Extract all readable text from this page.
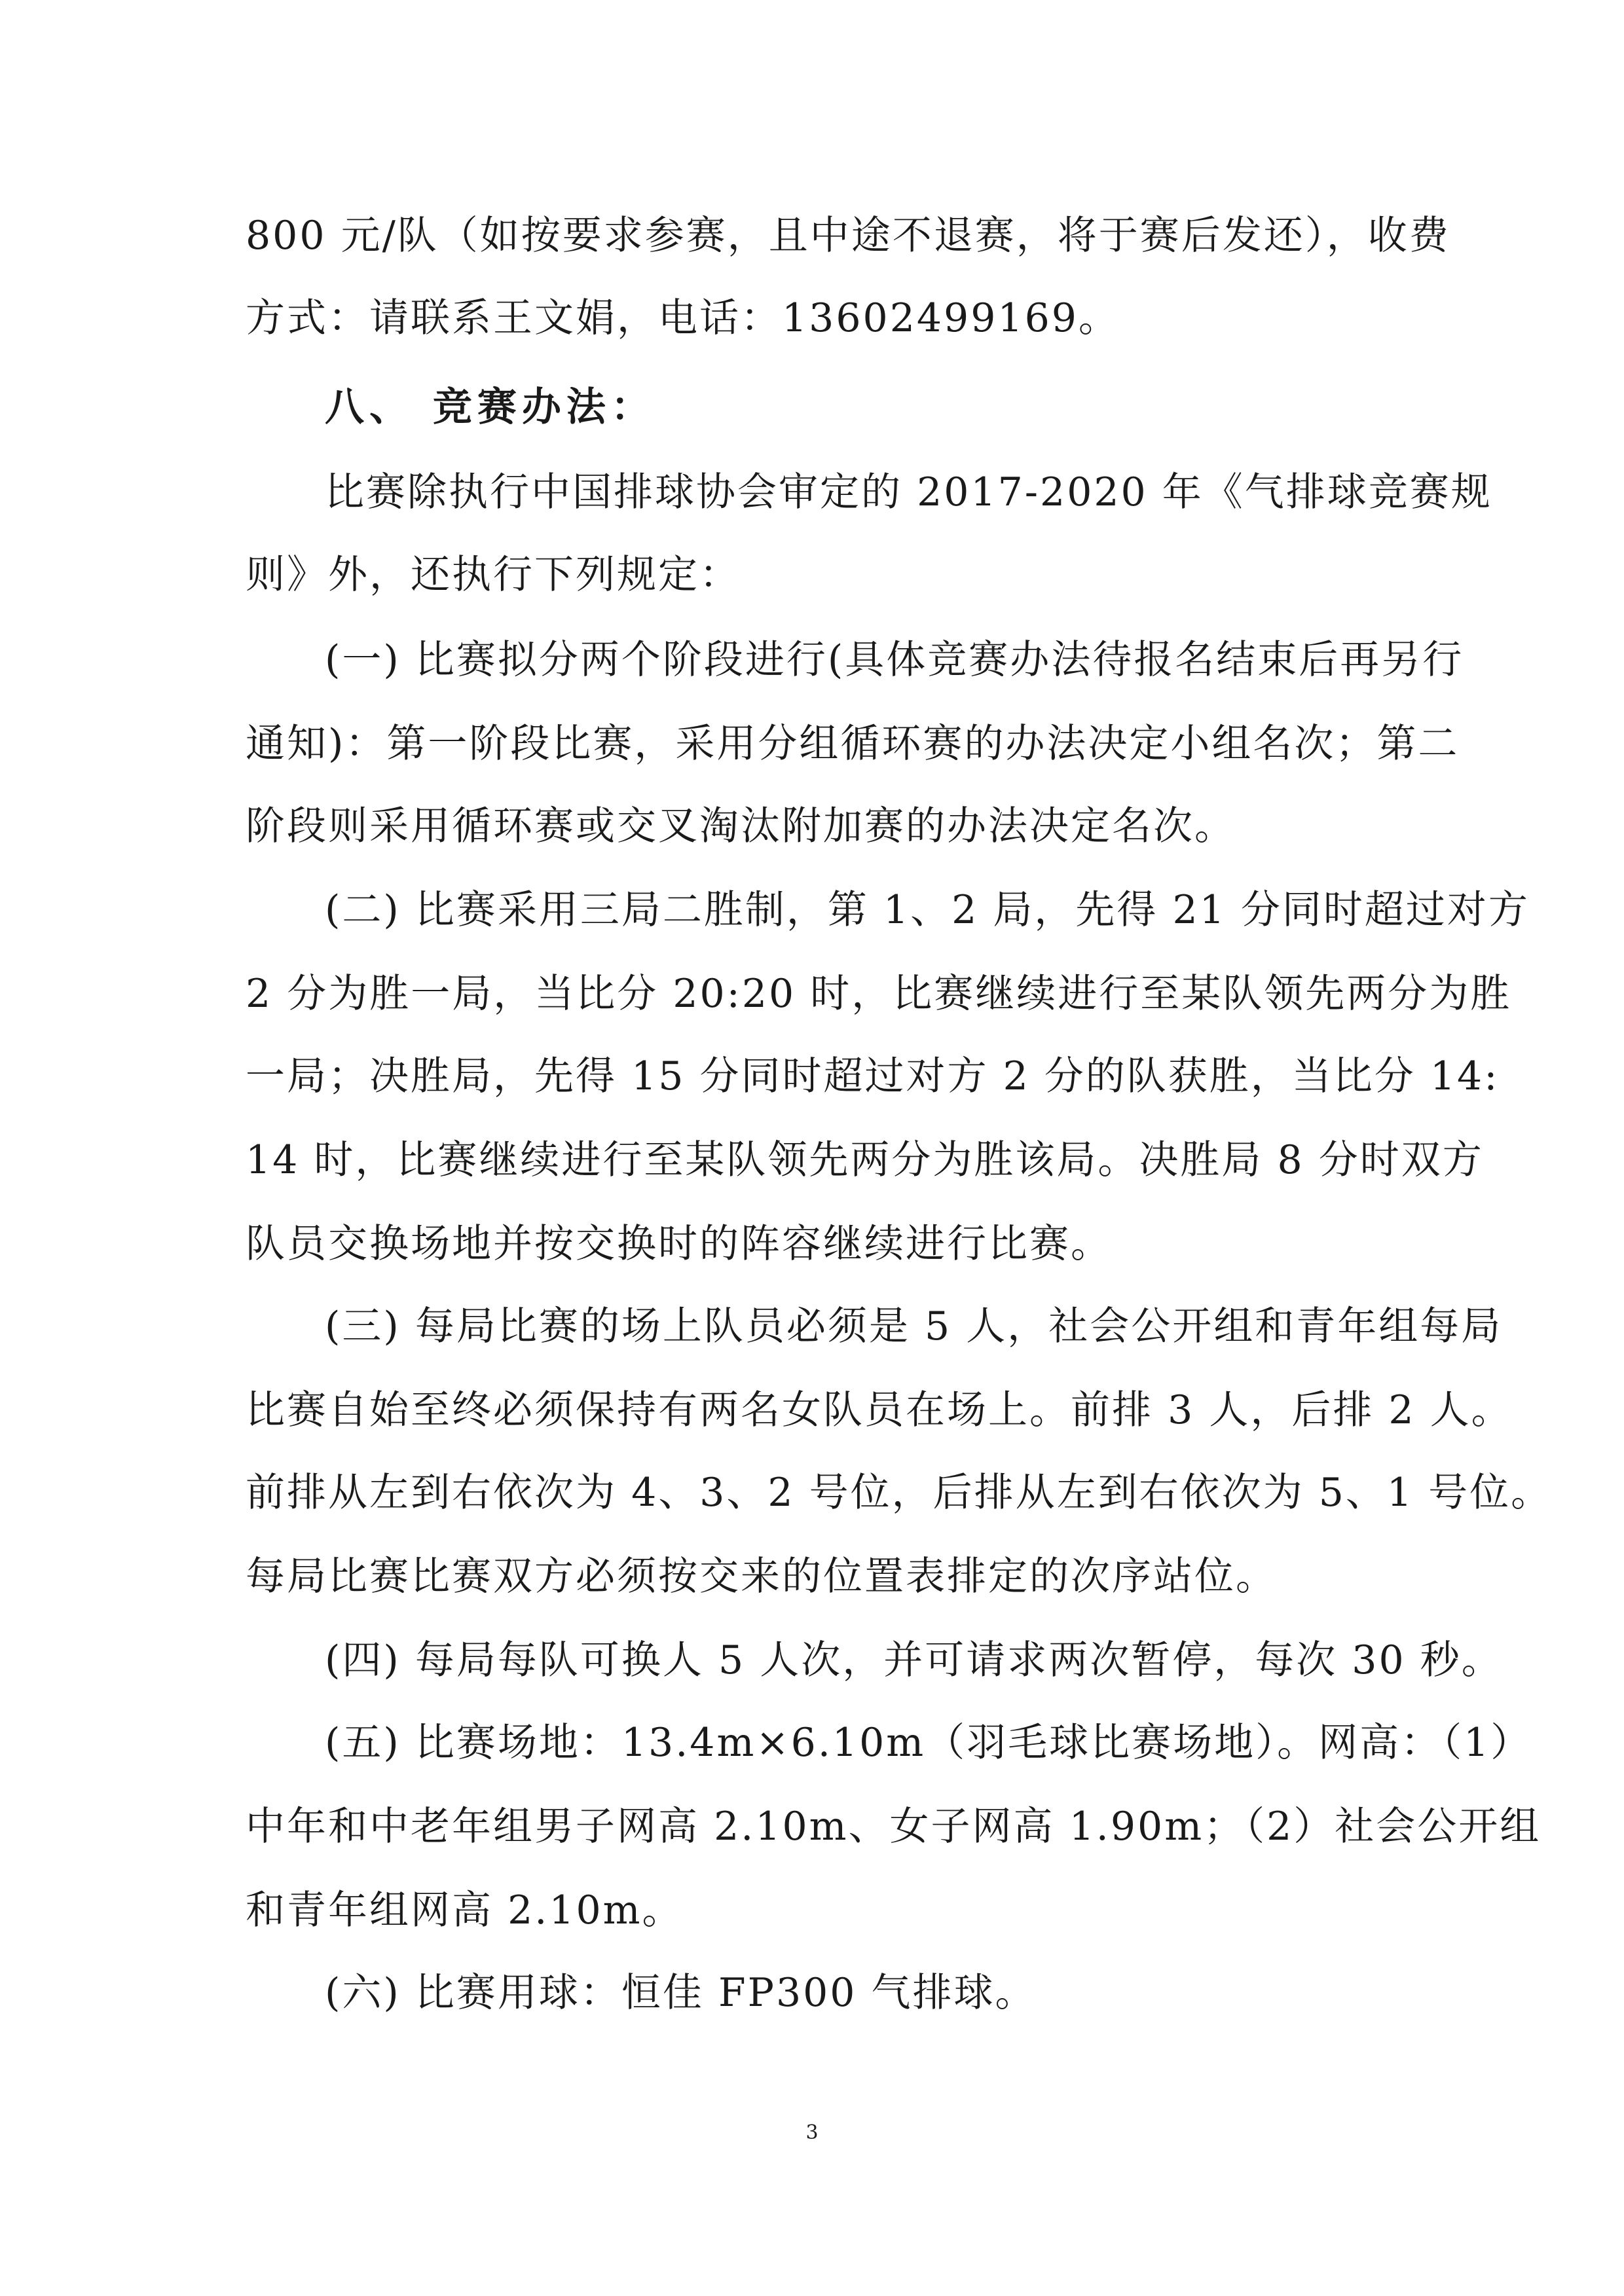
800 元/队（如按要求参赛，且中途不退赛，将于赛后发还），收费
方式：请联系王文娟，电话：13602499169。
八、 竞赛办法：
比赛除执行中国排球协会审定的 2017-2020 年《气排球竞赛规
则》外，还执行下列规定：
(一) 比赛拟分两个阶段进行(具体竞赛办法待报名结束后再另行
通知)：第一阶段比赛，采用分组循环赛的办法决定小组名次；第二
阶段则采用循环赛或交叉淘汰附加赛的办法决定名次。
(二) 比赛采用三局二胜制，第 1、2 局，先得 21 分同时超过对方
2 分为胜一局，当比分 20:20 时，比赛继续进行至某队领先两分为胜
一局；决胜局，先得 15 分同时超过对方 2 分的队获胜，当比分 14:
14 时，比赛继续进行至某队领先两分为胜该局。决胜局 8 分时双方
队员交换场地并按交换时的阵容继续进行比赛。
(三) 每局比赛的场上队员必须是 5 人，社会公开组和青年组每局
比赛自始至终必须保持有两名女队员在场上。前排 3 人，后排 2 人。
前排从左到右依次为 4、3、2 号位，后排从左到右依次为 5、1 号位。
每局比赛比赛双方必须按交来的位置表排定的次序站位。
(四) 每局每队可换人 5 人次，并可请求两次暂停，每次 30 秒。
(五) 比赛场地：13.4m×6.10m（羽毛球比赛场地）。网高：（1）
中年和中老年组男子网高 2.10m、女子网高 1.90m；（2）社会公开组
和青年组网高 2.10m。
(六) 比赛用球：恒佳 FP300 气排球。
3
